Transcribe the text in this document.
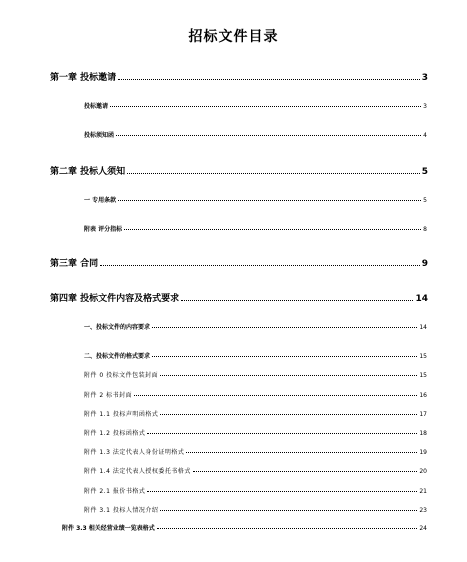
招标文件目录
第一章 投标邀请	3
投标邀请	3
投标须知函	4
第二章 投标人须知	5
一 专用条款	5
附表 评分指标	8
第三章 合同	9
第四章 投标文件内容及格式要求	14
一、投标文件的内容要求	14
二、投标文件的格式要求	15
附件 0 投标文件包装封面	15
附件 2 标书封面	16
附件 1.1 投标声明函格式	17
附件 1.2 投标函格式	18
附件 1.3 法定代表人身份证明格式	19
附件 1.4 法定代表人授权委托书格式	20
附件 2.1 报价书格式	21
附件 3.1 投标人情况介绍	23
附件 3.3 相关经营业绩一览表格式	24
